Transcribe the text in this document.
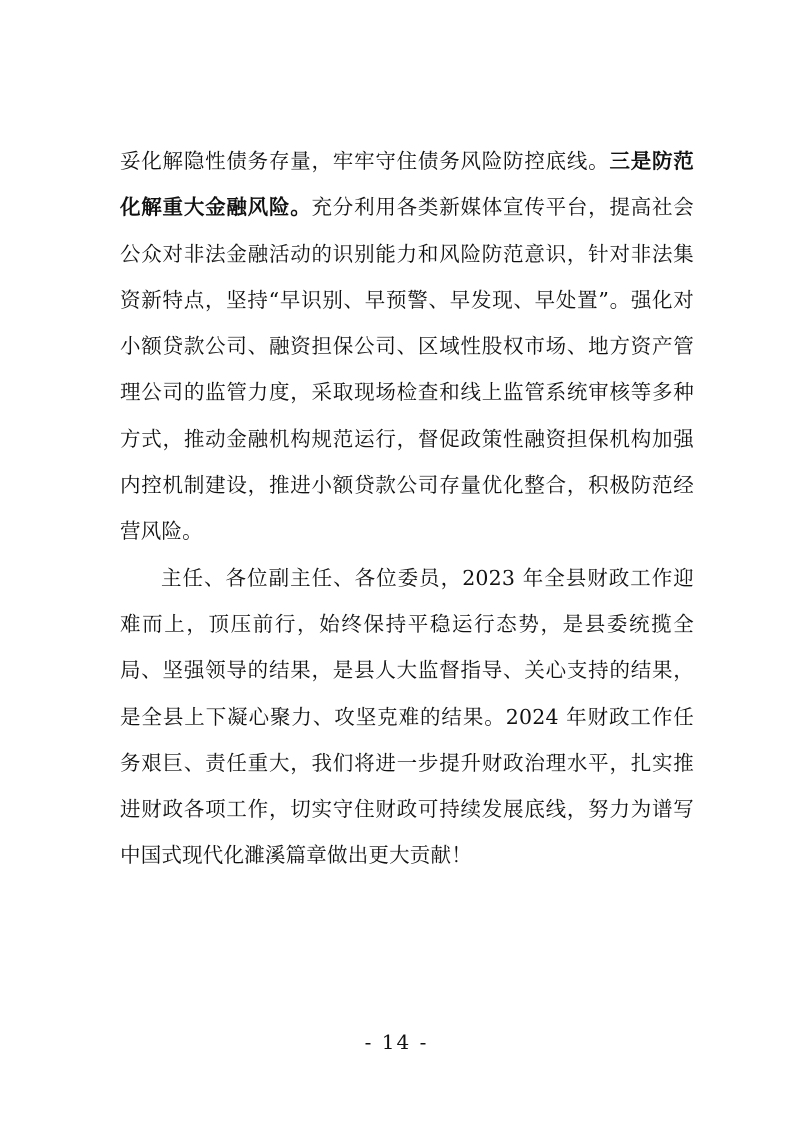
妥化解隐性债务存量，牢牢守住债务风险防控底线。三是防范化解重大金融风险。充分利用各类新媒体宣传平台，提高社会公众对非法金融活动的识别能力和风险防范意识，针对非法集资新特点，坚持“早识别、早预警、早发现、早处置”。强化对小额贷款公司、融资担保公司、区域性股权市场、地方资产管理公司的监管力度，采取现场检查和线上监管系统审核等多种方式，推动金融机构规范运行，督促政策性融资担保机构加强内控机制建设，推进小额贷款公司存量优化整合，积极防范经营风险。

主任、各位副主任、各位委员，2023 年全县财政工作迎难而上，顶压前行，始终保持平稳运行态势，是县委统揽全局、坚强领导的结果，是县人大监督指导、关心支持的结果，是全县上下凝心聚力、攻坚克难的结果。2024 年财政工作任务艰巨、责任重大，我们将进一步提升财政治理水平，扎实推进财政各项工作，切实守住财政可持续发展底线，努力为谱写中国式现代化濉溪篇章做出更大贡献！

- 14 -
